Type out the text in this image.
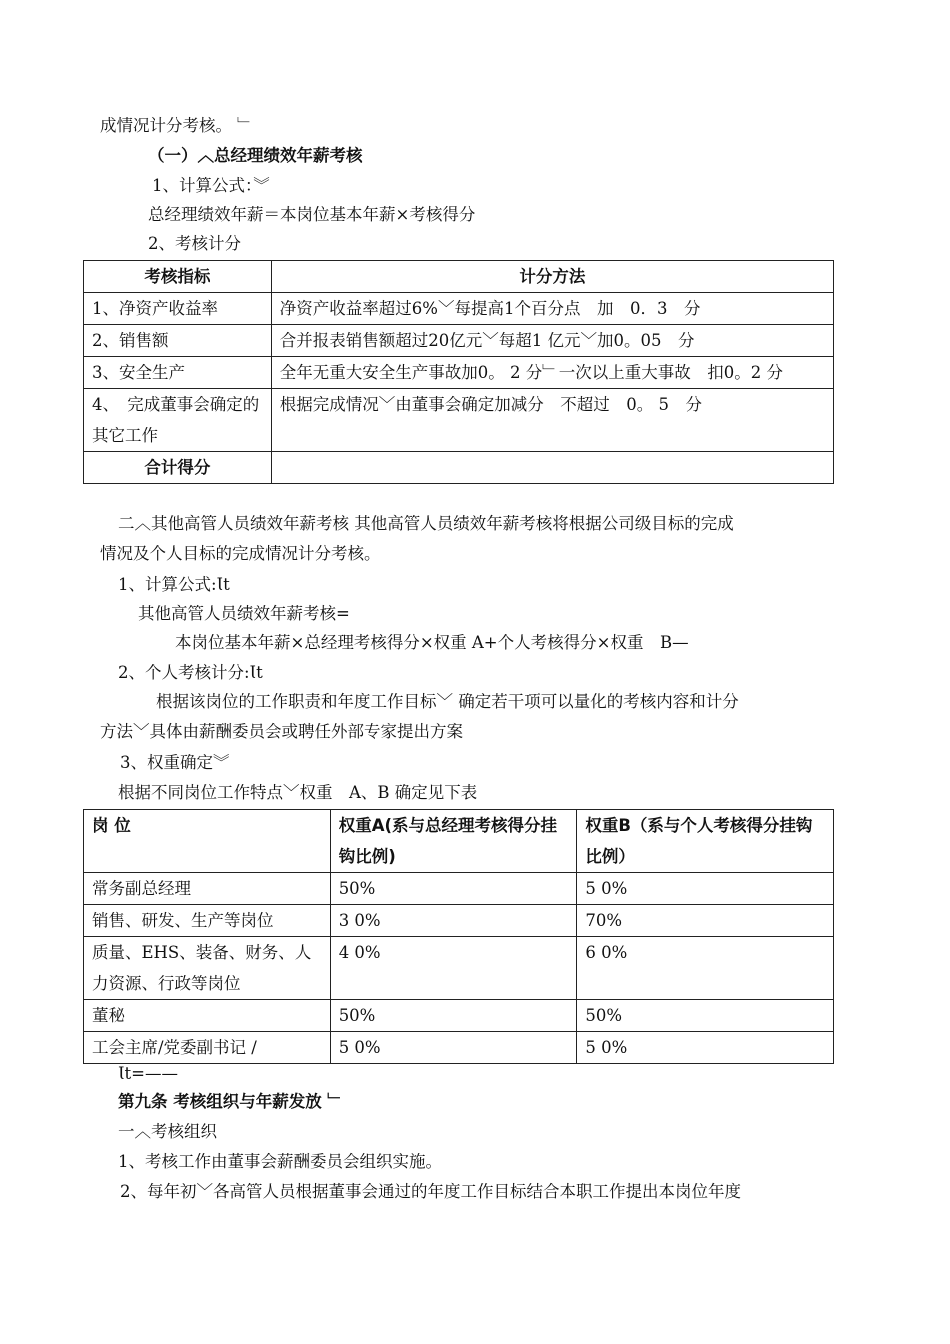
成情况计分考核。 ﹂
（一）︿总经理绩效年薪考核
1、计算公式：︾
总经理绩效年薪＝本岗位基本年薪×考核得分
2、考核计分
考核指标	计分方法
1、净资产收益率	净资产收益率超过6%﹀每提高1个百分点　加　0．3　分
2、销售额	合并报表销售额超过20亿元﹀每超1 亿元﹀加0。05　分
3、安全生产	全年无重大安全生产事故加0。 2 分﹂一次以上重大事故　扣0。2 分
4、　完成董事会确定的其它工作	根据完成情况﹀由董事会确定加减分　不超过　0。 5　分
合计得分	
二︿其他高管人员绩效年薪考核 其他高管人员绩效年薪考核将根据公司级目标的完成
情况及个人目标的完成情况计分考核。
1、计算公式:Ɩt
其他高管人员绩效年薪考核=
本岗位基本年薪×总经理考核得分×权重 A+个人考核得分×权重　B—
2、个人考核计分:Ɩt
根据该岗位的工作职责和年度工作目标﹀ 确定若干项可以量化的考核内容和计分
方法﹀具体由薪酬委员会或聘任外部专家提出方案
3、权重确定︾
根据不同岗位工作特点﹀权重　A、B 确定见下表
岗 位	权重A(系与总经理考核得分挂钩比例)	权重B（系与个人考核得分挂钩比例）
常务副总经理	50%	5 0%
销售、研发、生产等岗位	3 0%	70%
质量、EHS、装备、财务、人力资源、行政等岗位	4 0%	6 0%
董秘	50%	50%
工会主席/党委副书记 /	5 0%	5 0%
Ɩt=——
第九条 考核组织与年薪发放 ﹂
一︿考核组织
1、考核工作由董事会薪酬委员会组织实施。
2、每年初﹀各高管人员根据董事会通过的年度工作目标结合本职工作提出本岗位年度
